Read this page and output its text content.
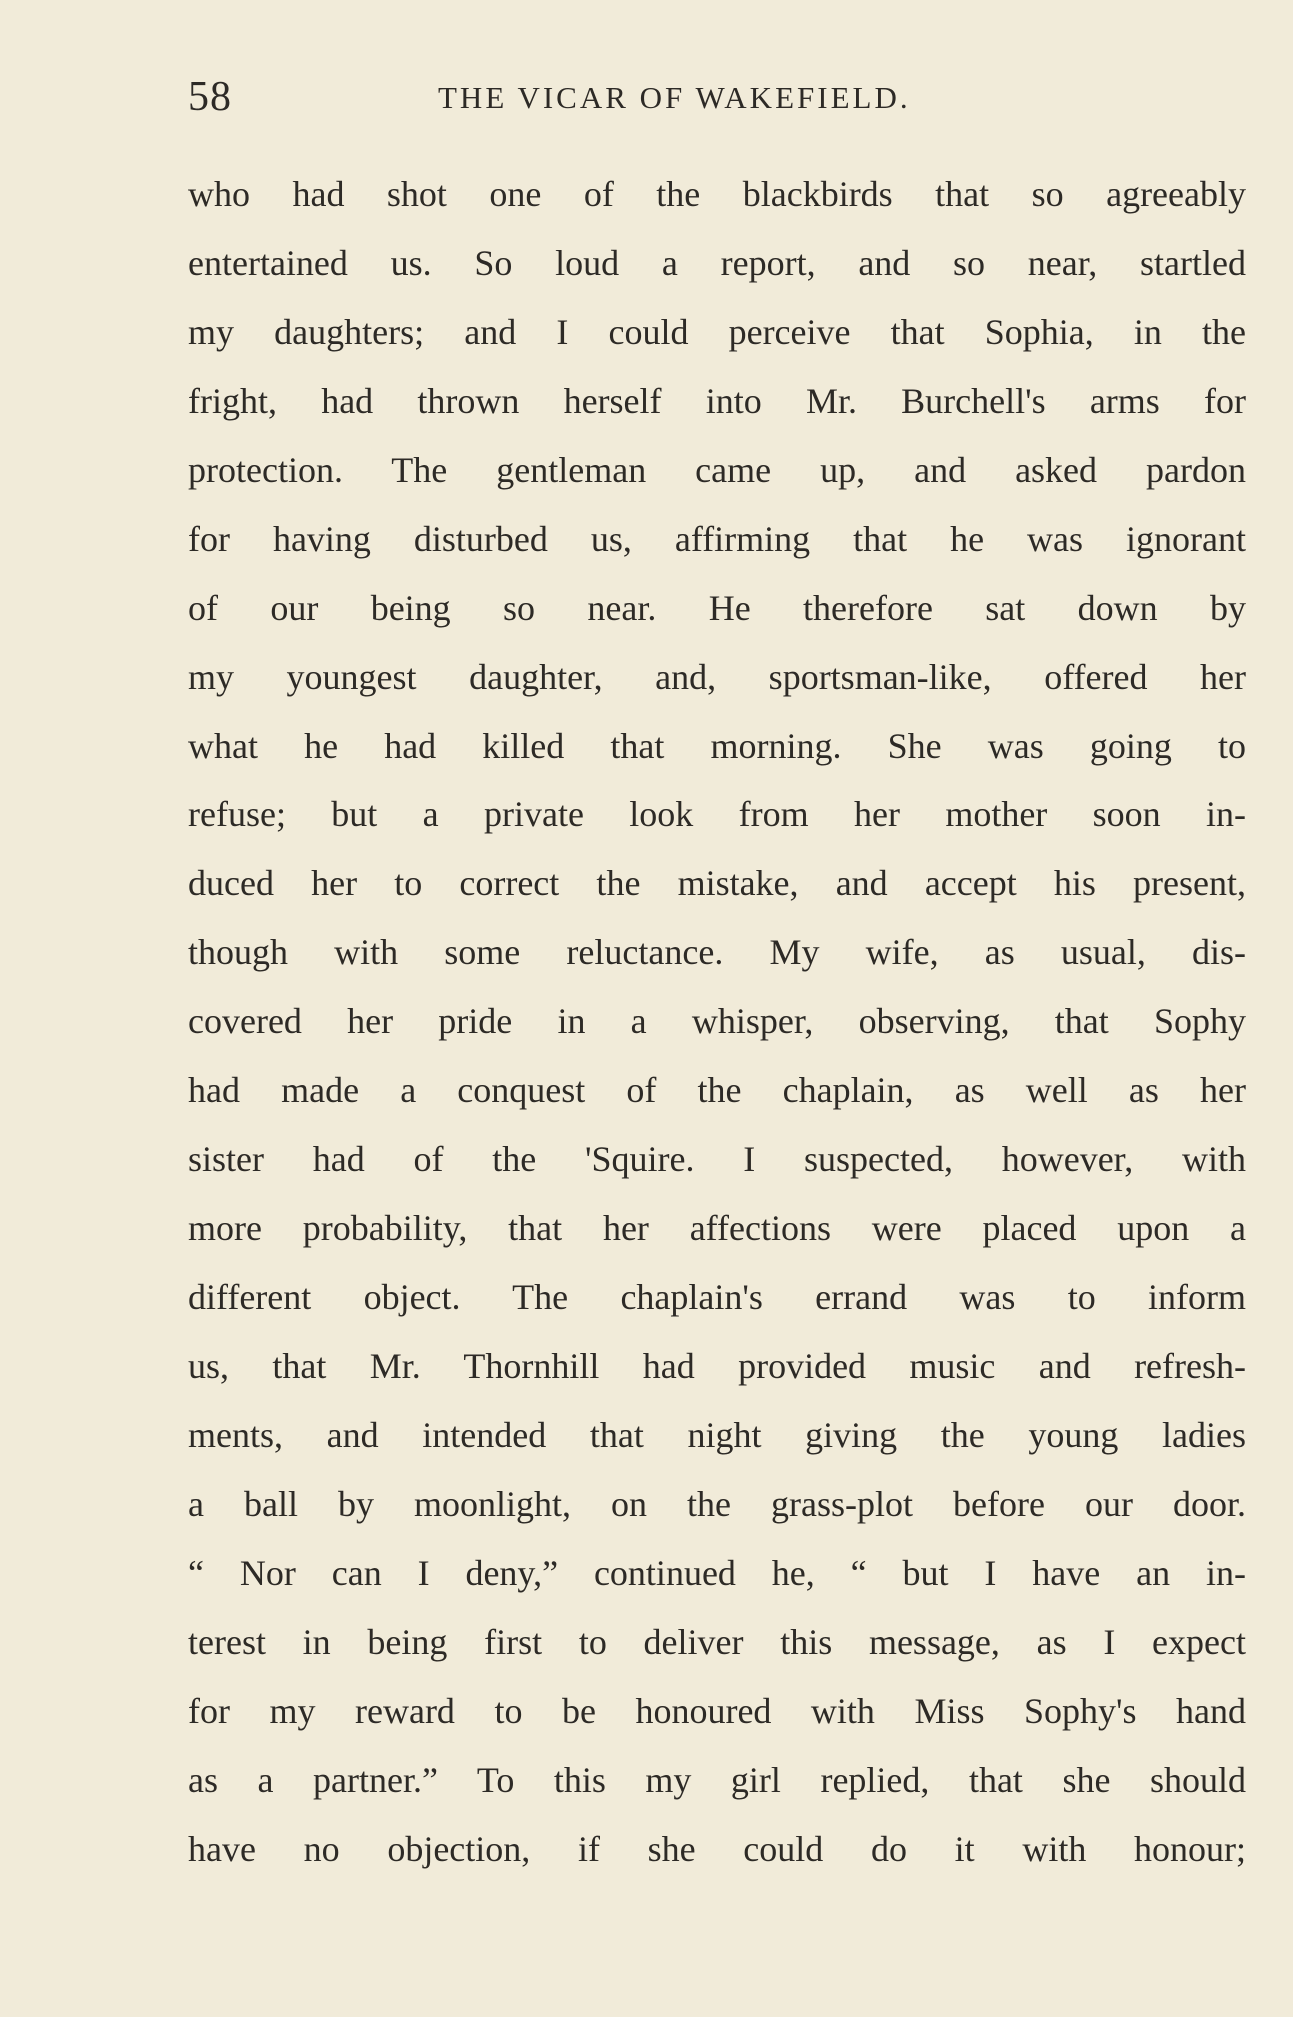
58	THE VICAR OF WAKEFIELD.
who had shot one of the blackbirds that so agreeably
entertained us. So loud a report, and so near, startled
my daughters; and I could perceive that Sophia, in the
fright, had thrown herself into Mr. Burchell's arms for
protection. The gentleman came up, and asked pardon
for having disturbed us, affirming that he was ignorant
of our being so near. He therefore sat down by
my youngest daughter, and, sportsman-like, offered her
what he had killed that morning. She was going to
refuse; but a private look from her mother soon in-
duced her to correct the mistake, and accept his present,
though with some reluctance. My wife, as usual, dis-
covered her pride in a whisper, observing, that Sophy
had made a conquest of the chaplain, as well as her
sister had of the 'Squire. I suspected, however, with
more probability, that her affections were placed upon a
different object. The chaplain's errand was to inform
us, that Mr. Thornhill had provided music and refresh-
ments, and intended that night giving the young ladies
a ball by moonlight, on the grass-plot before our door.
“ Nor can I deny,” continued he, “ but I have an in-
terest in being first to deliver this message, as I expect
for my reward to be honoured with Miss Sophy's hand
as a partner.” To this my girl replied, that she should
have no objection, if she could do it with honour;
